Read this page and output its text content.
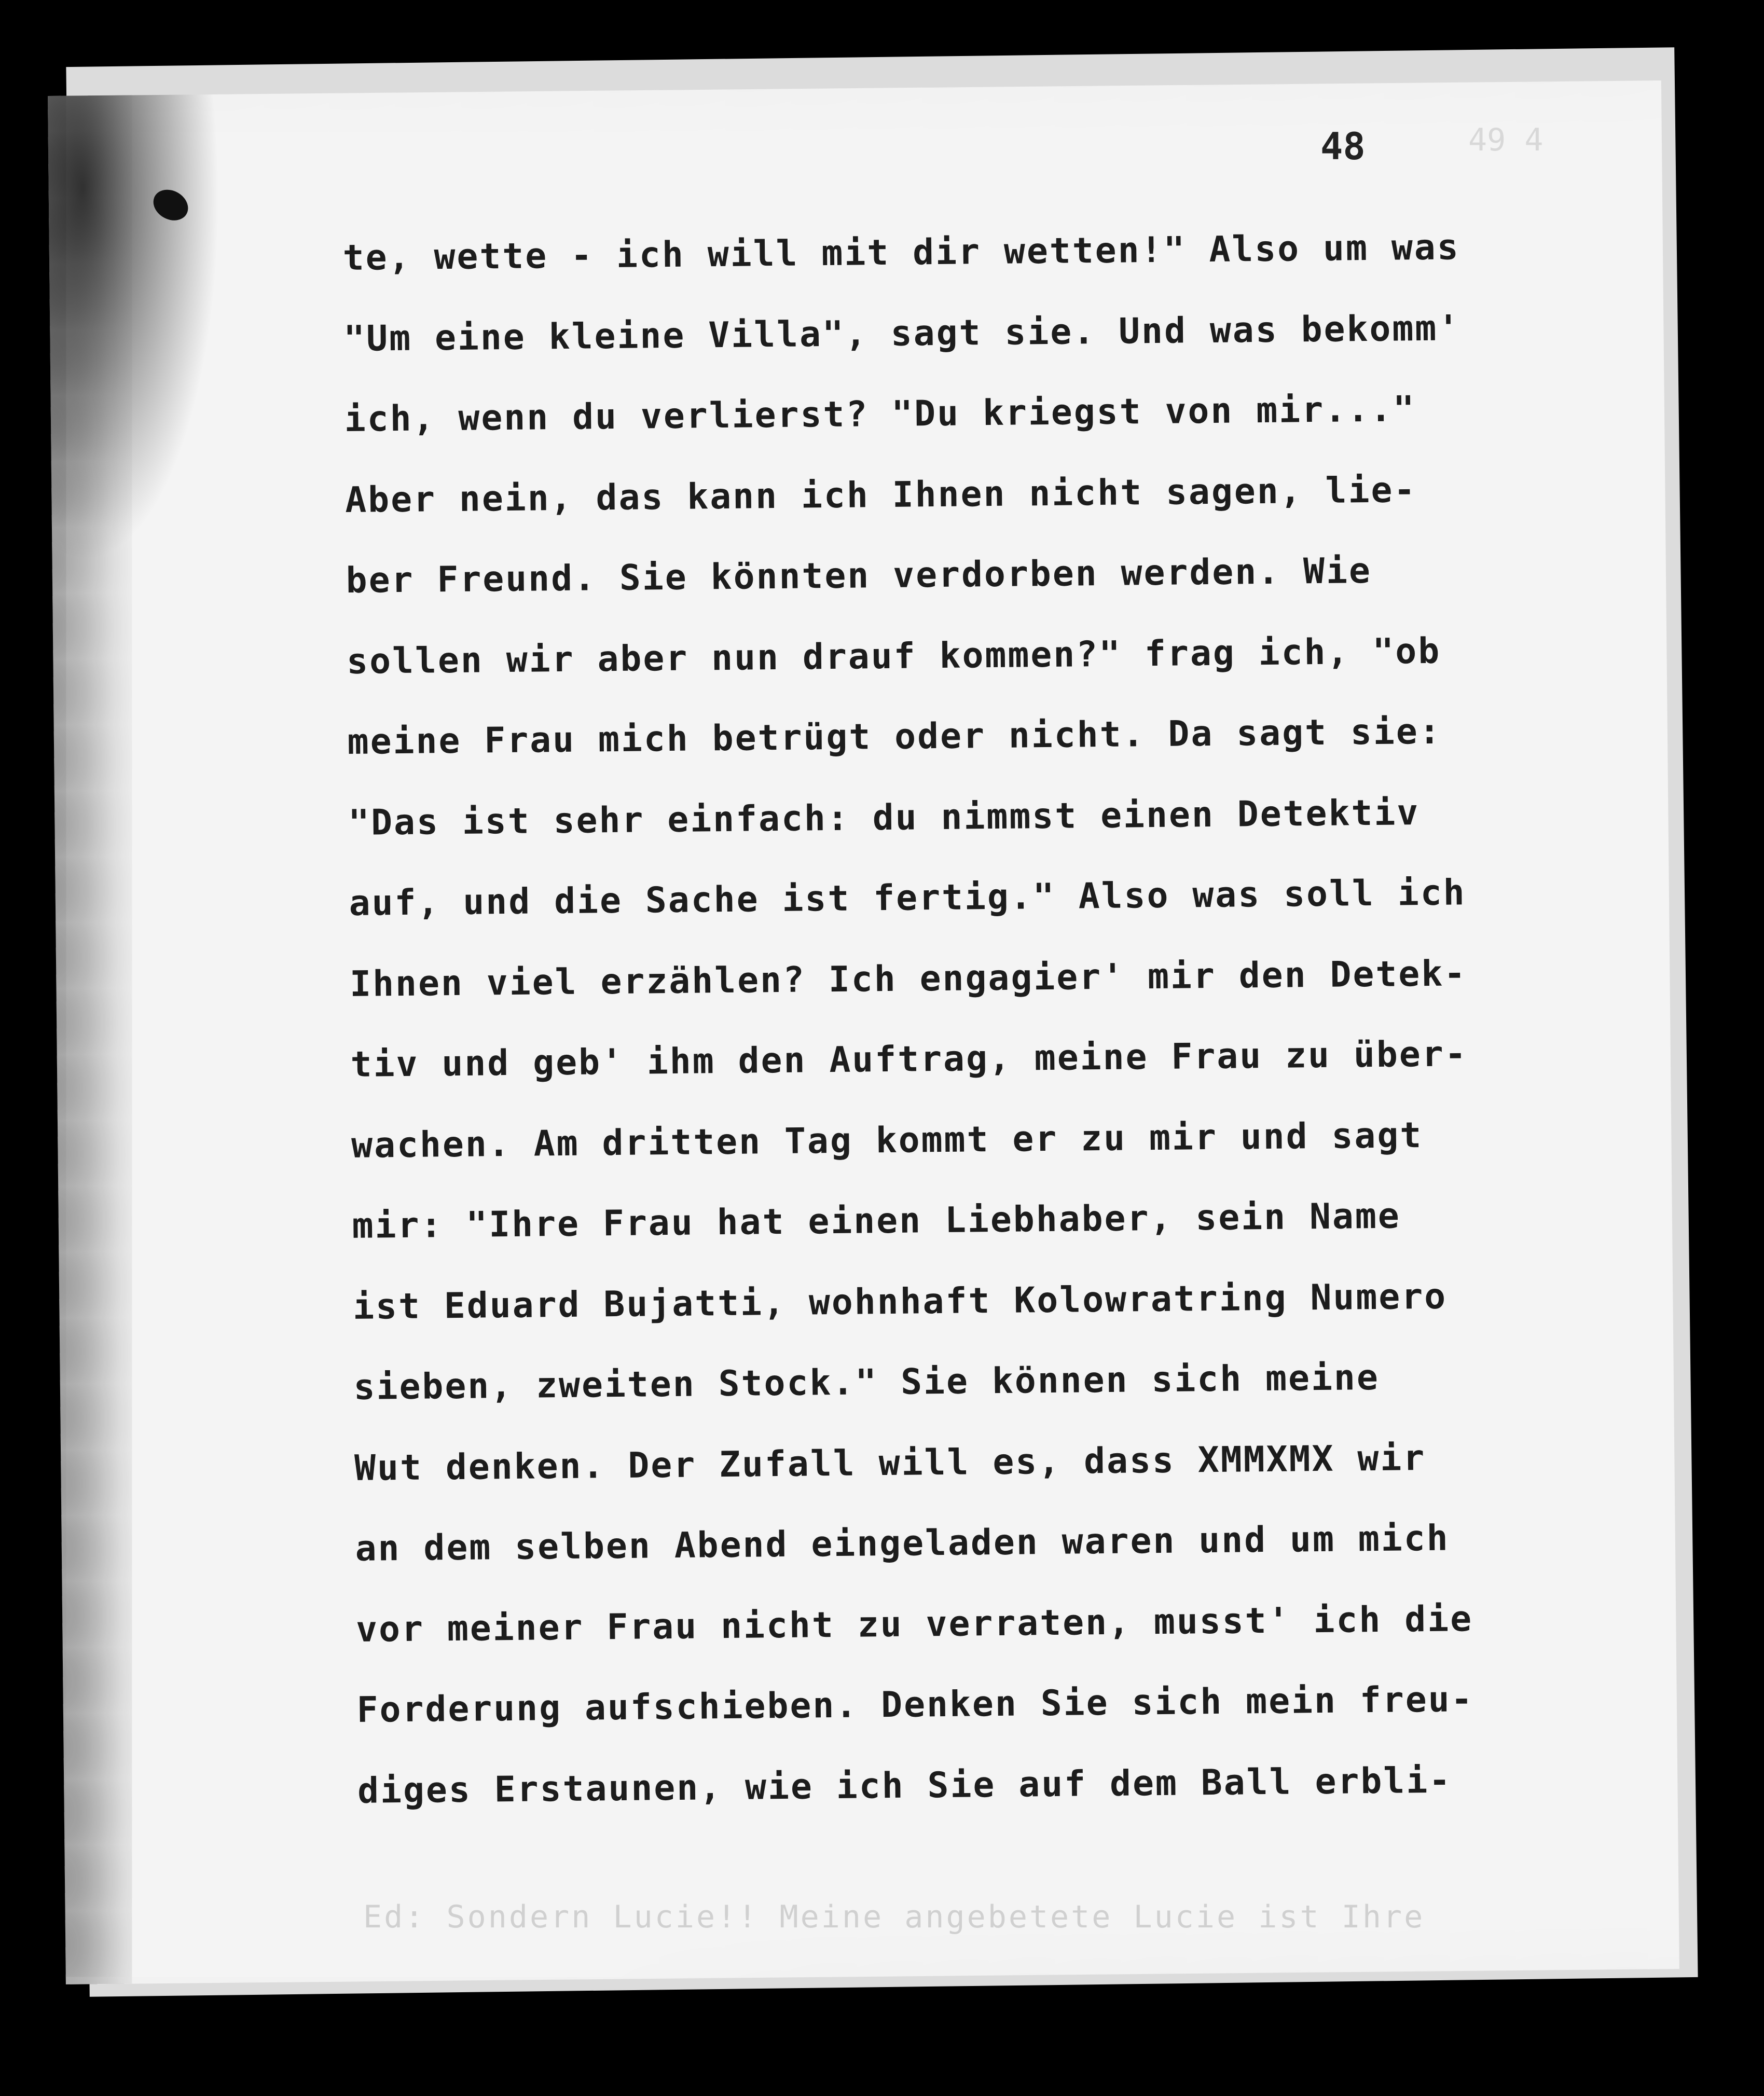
48	49 4
te, wette - ich will mit dir wetten!" Also um was
"Um eine kleine Villa", sagt sie. Und was bekomm'
ich, wenn du verlierst? "Du kriegst von mir..."
Aber nein, das kann ich Ihnen nicht sagen, lie-
ber Freund. Sie könnten verdorben werden. Wie
sollen wir aber nun drauf kommen?" frag ich, "ob
meine Frau mich betrügt oder nicht. Da sagt sie:
"Das ist sehr einfach: du nimmst einen Detektiv
auf, und die Sache ist fertig." Also was soll ich
Ihnen viel erzählen? Ich engagier' mir den Detek-
tiv und geb' ihm den Auftrag, meine Frau zu über-
wachen. Am dritten Tag kommt er zu mir und sagt
mir: "Ihre Frau hat einen Liebhaber, sein Name
ist Eduard Bujatti, wohnhaft Kolowratring Numero
sieben, zweiten Stock." Sie können sich meine
Wut denken. Der Zufall will es, dass XMMXMX wir
an dem selben Abend eingeladen waren und um mich
vor meiner Frau nicht zu verraten, musst' ich die
Forderung aufschieben. Denken Sie sich mein freu-
diges Erstaunen, wie ich Sie auf dem Ball erbli-
Ed: Sondern Lucie!! Meine angebetete Lucie ist Ihre
